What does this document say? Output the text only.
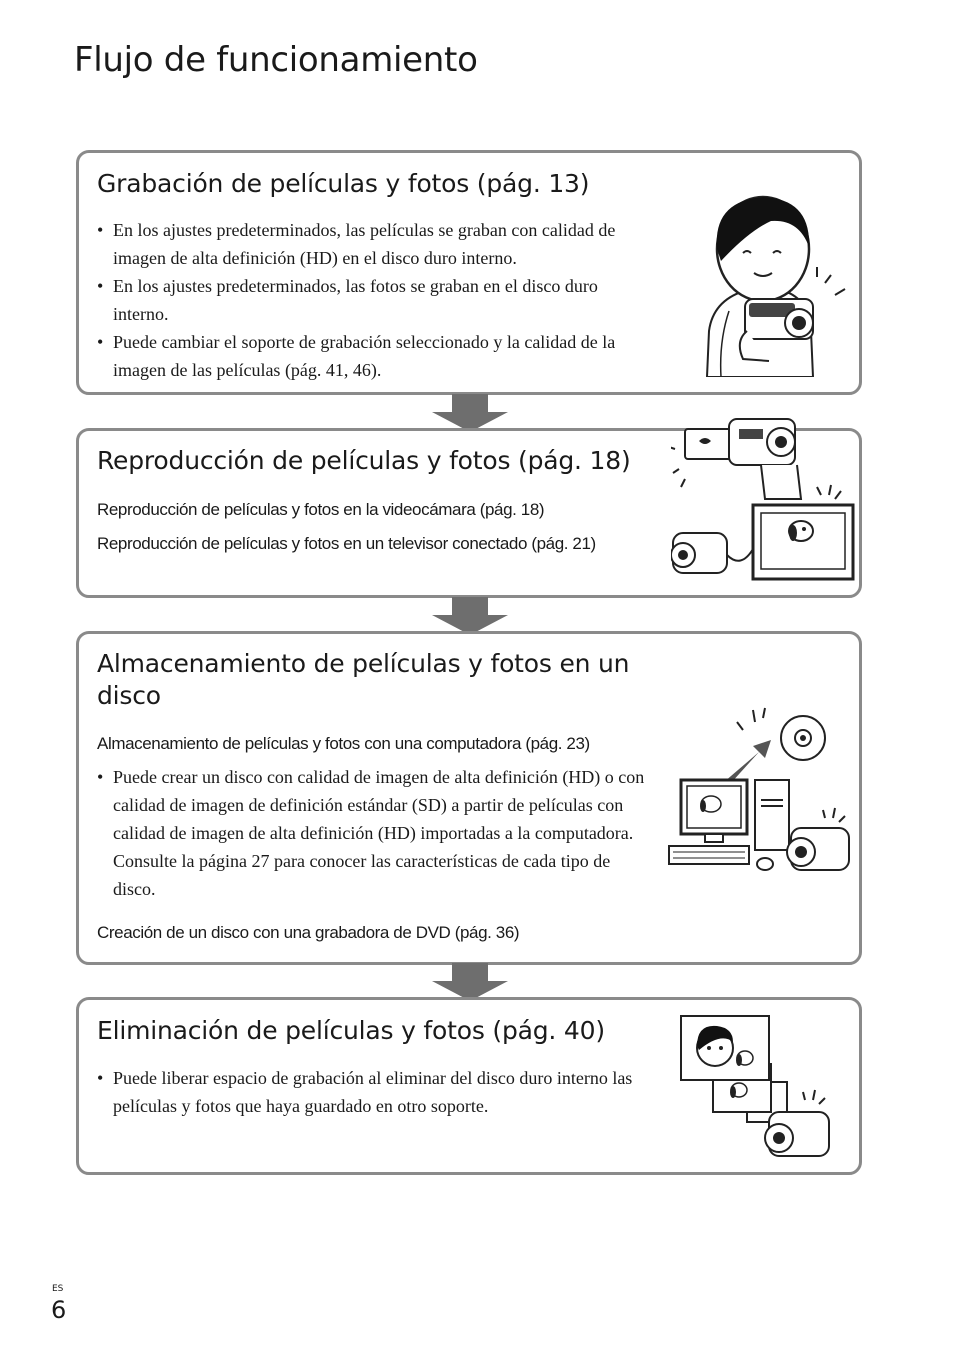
Flujo de funcionamiento
Grabación de películas y fotos (pág. 13)
• En los ajustes predeterminados, las películas se graban con calidad de imagen de alta definición (HD) en el disco duro interno.
• En los ajustes predeterminados, las fotos se graban en el disco duro interno.
• Puede cambiar el soporte de grabación seleccionado y la calidad de la imagen de las películas (pág. 41, 46).
Reproducción de películas y fotos (pág. 18)
Reproducción de películas y fotos en la videocámara (pág. 18)
Reproducción de películas y fotos en un televisor conectado (pág. 21)
Almacenamiento de películas y fotos en un disco
Almacenamiento de películas y fotos con una computadora (pág. 23)
• Puede crear un disco con calidad de imagen de alta definición (HD) o con calidad de imagen de definición estándar (SD) a partir de películas con calidad de imagen de alta definición (HD) importadas a la computadora. Consulte la página 27 para conocer las características de cada tipo de disco.
Creación de un disco con una grabadora de DVD (pág. 36)
Eliminación de películas y fotos (pág. 40)
• Puede liberar espacio de grabación al eliminar del disco duro interno las películas y fotos que haya guardado en otro soporte.
ES
6
